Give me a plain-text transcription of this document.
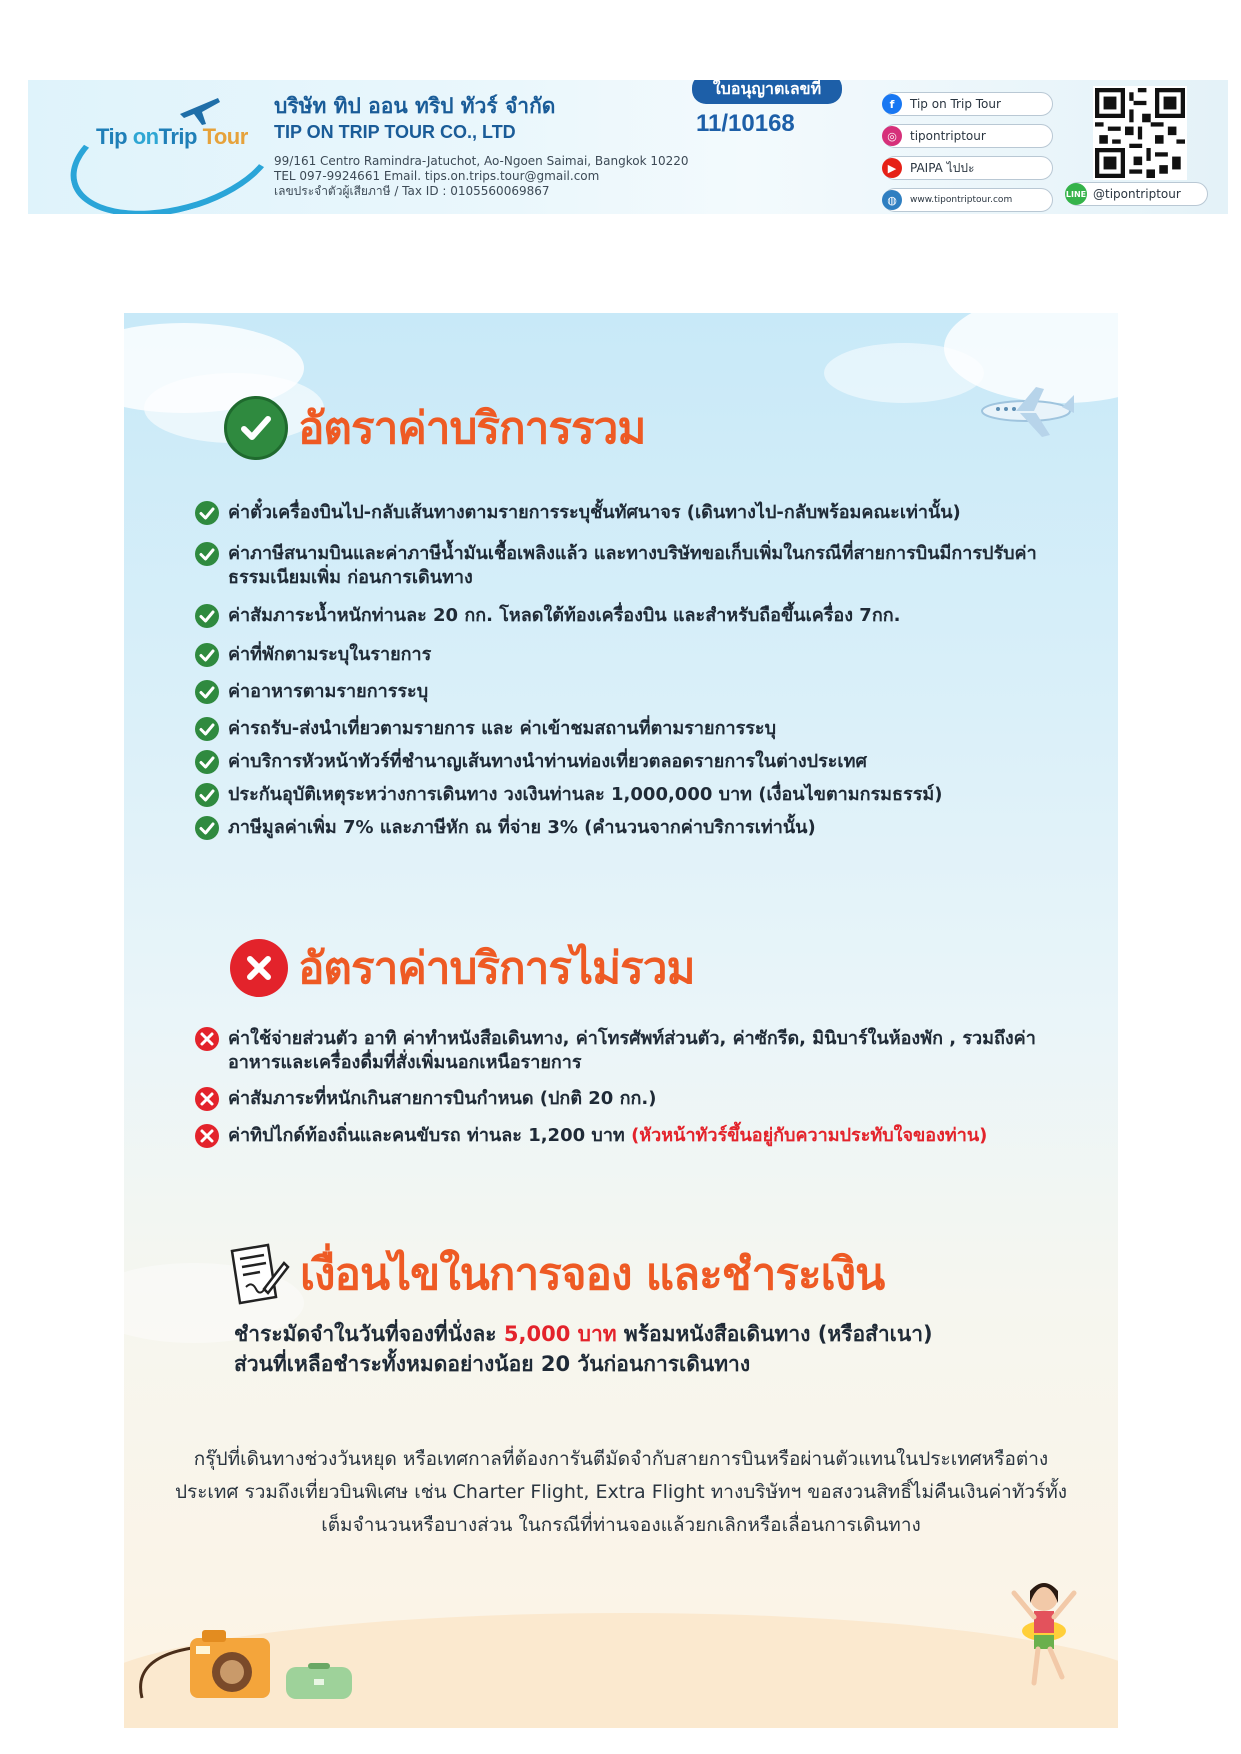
Tip onTrip Tour
บริษัท ทิป ออน ทริป ทัวร์ จำกัด
TIP ON TRIP TOUR CO., LTD
99/161 Centro Ramindra-Jatuchot, Ao-Ngoen Saimai, Bangkok 10220
TEL 097-9924661 Email. tips.on.trips.tour@gmail.com
เลขประจำตัวผู้เสียภาษี / Tax ID : 0105560069867
ใบอนุญาตเลขที่
11/10168
f	Tip on Trip Tour
◎	tipontriptour
▶	PAIPA ไปปะ
◍	www.tipontriptour.com
LINE @tipontriptour
อัตราค่าบริการรวม
ค่าตั๋วเครื่องบินไป-กลับเส้นทางตามรายการระบุชั้นทัศนาจร (เดินทางไป-กลับพร้อมคณะเท่านั้น)
ค่าภาษีสนามบินและค่าภาษีน้ำมันเชื้อเพลิงแล้ว และทางบริษัทขอเก็บเพิ่มในกรณีที่สายการบินมีการปรับค่าธรรมเนียมเพิ่ม ก่อนการเดินทาง
ค่าสัมภาระน้ำหนักท่านละ 20 กก. โหลดใต้ท้องเครื่องบิน และสำหรับถือขึ้นเครื่อง 7กก.
ค่าที่พักตามระบุในรายการ
ค่าอาหารตามรายการระบุ
ค่ารถรับ-ส่งนำเที่ยวตามรายการ และ ค่าเข้าชมสถานที่ตามรายการระบุ
ค่าบริการหัวหน้าทัวร์ที่ชำนาญเส้นทางนำท่านท่องเที่ยวตลอดรายการในต่างประเทศ
ประกันอุบัติเหตุระหว่างการเดินทาง วงเงินท่านละ 1,000,000 บาท (เงื่อนไขตามกรมธรรม์)
ภาษีมูลค่าเพิ่ม 7% และภาษีหัก ณ ที่จ่าย 3% (คำนวนจากค่าบริการเท่านั้น)
อัตราค่าบริการไม่รวม
ค่าใช้จ่ายส่วนตัว อาทิ ค่าทำหนังสือเดินทาง, ค่าโทรศัพท์ส่วนตัว, ค่าซักรีด, มินิบาร์ในห้องพัก , รวมถึงค่าอาหารและเครื่องดื่มที่สั่งเพิ่มนอกเหนือรายการ
ค่าสัมภาระที่หนักเกินสายการบินกำหนด (ปกติ 20 กก.)
ค่าทิปไกด์ท้องถิ่นและคนขับรถ ท่านละ 1,200 บาท (หัวหน้าทัวร์ขึ้นอยู่กับความประทับใจของท่าน)
เงื่อนไขในการจอง และชำระเงิน
ชำระมัดจำในวันที่จองที่นั่งละ 5,000 บาท พร้อมหนังสือเดินทาง (หรือสำเนา)
ส่วนที่เหลือชำระทั้งหมดอย่างน้อย 20 วันก่อนการเดินทาง
กรุ๊ปที่เดินทางช่วงวันหยุด หรือเทศกาลที่ต้องการันตีมัดจำกับสายการบินหรือผ่านตัวแทนในประเทศหรือต่างประเทศ รวมถึงเที่ยวบินพิเศษ เช่น Charter Flight, Extra Flight ทางบริษัทฯ ขอสงวนสิทธิ์ไม่คืนเงินค่าทัวร์ทั้งเต็มจำนวนหรือบางส่วน ในกรณีที่ท่านจองแล้วยกเลิกหรือเลื่อนการเดินทาง
